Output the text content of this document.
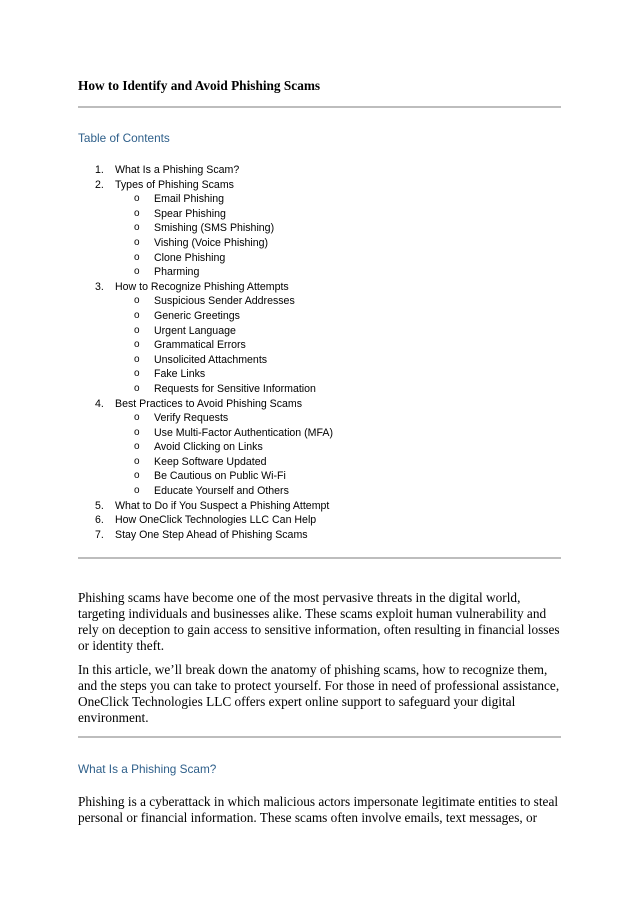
How to Identify and Avoid Phishing Scams
Table of Contents
1. What Is a Phishing Scam?
2. Types of Phishing Scams
o Email Phishing
o Spear Phishing
o Smishing (SMS Phishing)
o Vishing (Voice Phishing)
o Clone Phishing
o Pharming
3. How to Recognize Phishing Attempts
o Suspicious Sender Addresses
o Generic Greetings
o Urgent Language
o Grammatical Errors
o Unsolicited Attachments
o Fake Links
o Requests for Sensitive Information
4. Best Practices to Avoid Phishing Scams
o Verify Requests
o Use Multi-Factor Authentication (MFA)
o Avoid Clicking on Links
o Keep Software Updated
o Be Cautious on Public Wi-Fi
o Educate Yourself and Others
5. What to Do if You Suspect a Phishing Attempt
6. How OneClick Technologies LLC Can Help
7. Stay One Step Ahead of Phishing Scams

Phishing scams have become one of the most pervasive threats in the digital world, targeting individuals and businesses alike. These scams exploit human vulnerability and rely on deception to gain access to sensitive information, often resulting in financial losses or identity theft.

In this article, we’ll break down the anatomy of phishing scams, how to recognize them, and the steps you can take to protect yourself. For those in need of professional assistance, OneClick Technologies LLC offers expert online support to safeguard your digital environment.

What Is a Phishing Scam?

Phishing is a cyberattack in which malicious actors impersonate legitimate entities to steal personal or financial information. These scams often involve emails, text messages, or
